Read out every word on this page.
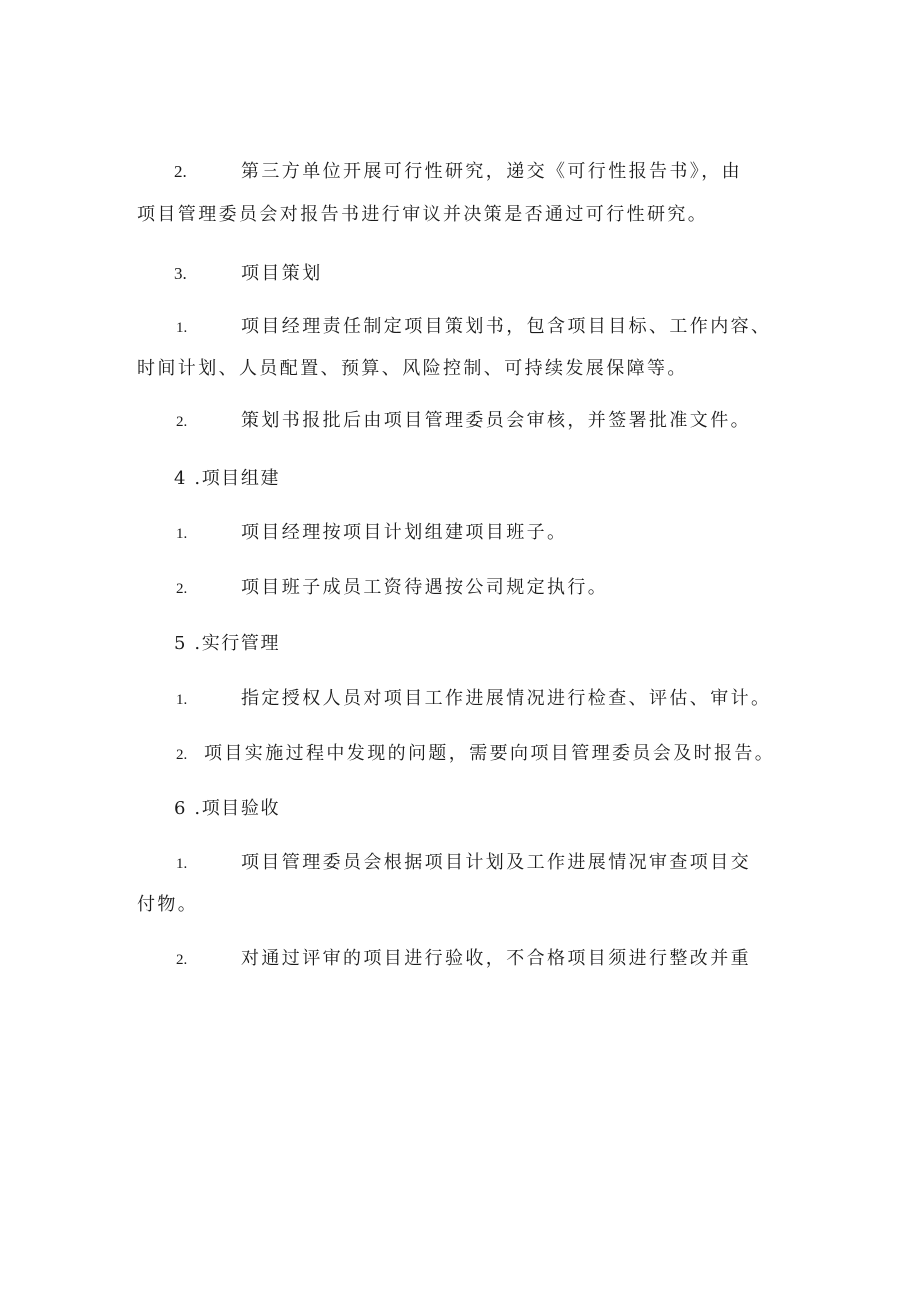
2.	第三方单位开展可行性研究，递交《可行性报告书》，由
项目管理委员会对报告书进行审议并决策是否通过可行性研究。
3.	项目策划
1.	项目经理责任制定项目策划书，包含项目目标、工作内容、
时间计划、人员配置、预算、风险控制、可持续发展保障等。
2.	策划书报批后由项目管理委员会审核，并签署批准文件。
4 .项目组建
1.	项目经理按项目计划组建项目班子。
2.	项目班子成员工资待遇按公司规定执行。
5 .实行管理
1.	指定授权人员对项目工作进展情况进行检查、评估、审计。
2. 项目实施过程中发现的问题，需要向项目管理委员会及时报告。
6 .项目验收
1.	项目管理委员会根据项目计划及工作进展情况审查项目交
付物。
2.	对通过评审的项目进行验收，不合格项目须进行整改并重
